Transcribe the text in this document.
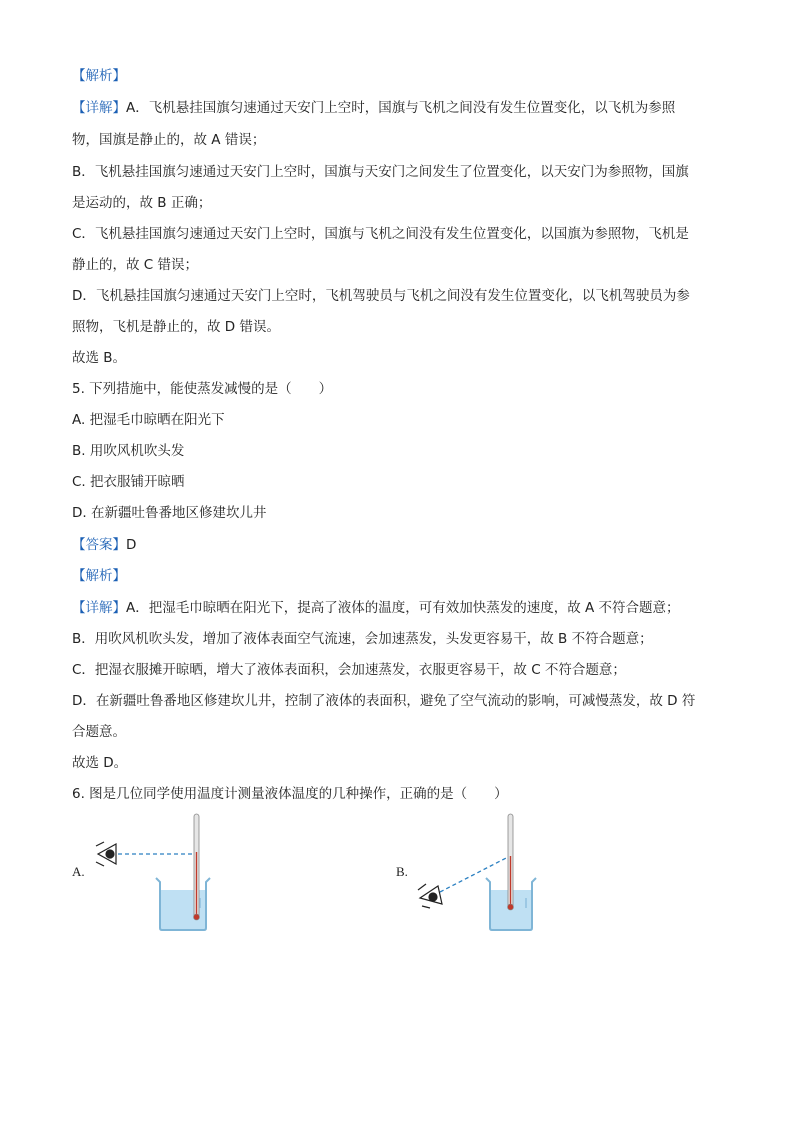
【解析】
【详解】A．飞机悬挂国旗匀速通过天安门上空时，国旗与飞机之间没有发生位置变化，以飞机为参照
物，国旗是静止的，故 A 错误；
B．飞机悬挂国旗匀速通过天安门上空时，国旗与天安门之间发生了位置变化，以天安门为参照物，国旗
是运动的，故 B 正确；
C．飞机悬挂国旗匀速通过天安门上空时，国旗与飞机之间没有发生位置变化，以国旗为参照物，飞机是
静止的，故 C 错误；
D．飞机悬挂国旗匀速通过天安门上空时，飞机驾驶员与飞机之间没有发生位置变化，以飞机驾驶员为参
照物，飞机是静止的，故 D 错误。
故选 B。
5. 下列措施中，能使蒸发减慢的是（　　）
A. 把湿毛巾晾晒在阳光下
B. 用吹风机吹头发
C. 把衣服铺开晾晒
D. 在新疆吐鲁番地区修建坎儿井
【答案】D
【解析】
【详解】A．把湿毛巾晾晒在阳光下，提高了液体的温度，可有效加快蒸发的速度，故 A 不符合题意；
B．用吹风机吹头发，增加了液体表面空气流速，会加速蒸发，头发更容易干，故 B 不符合题意；
C．把湿衣服摊开晾晒，增大了液体表面积，会加速蒸发，衣服更容易干，故 C 不符合题意；
D．在新疆吐鲁番地区修建坎儿井，控制了液体的表面积，避免了空气流动的影响，可减慢蒸发，故 D 符
合题意。
故选 D。
6. 图是几位同学使用温度计测量液体温度的几种操作，正确的是（　　）
A.	B.
